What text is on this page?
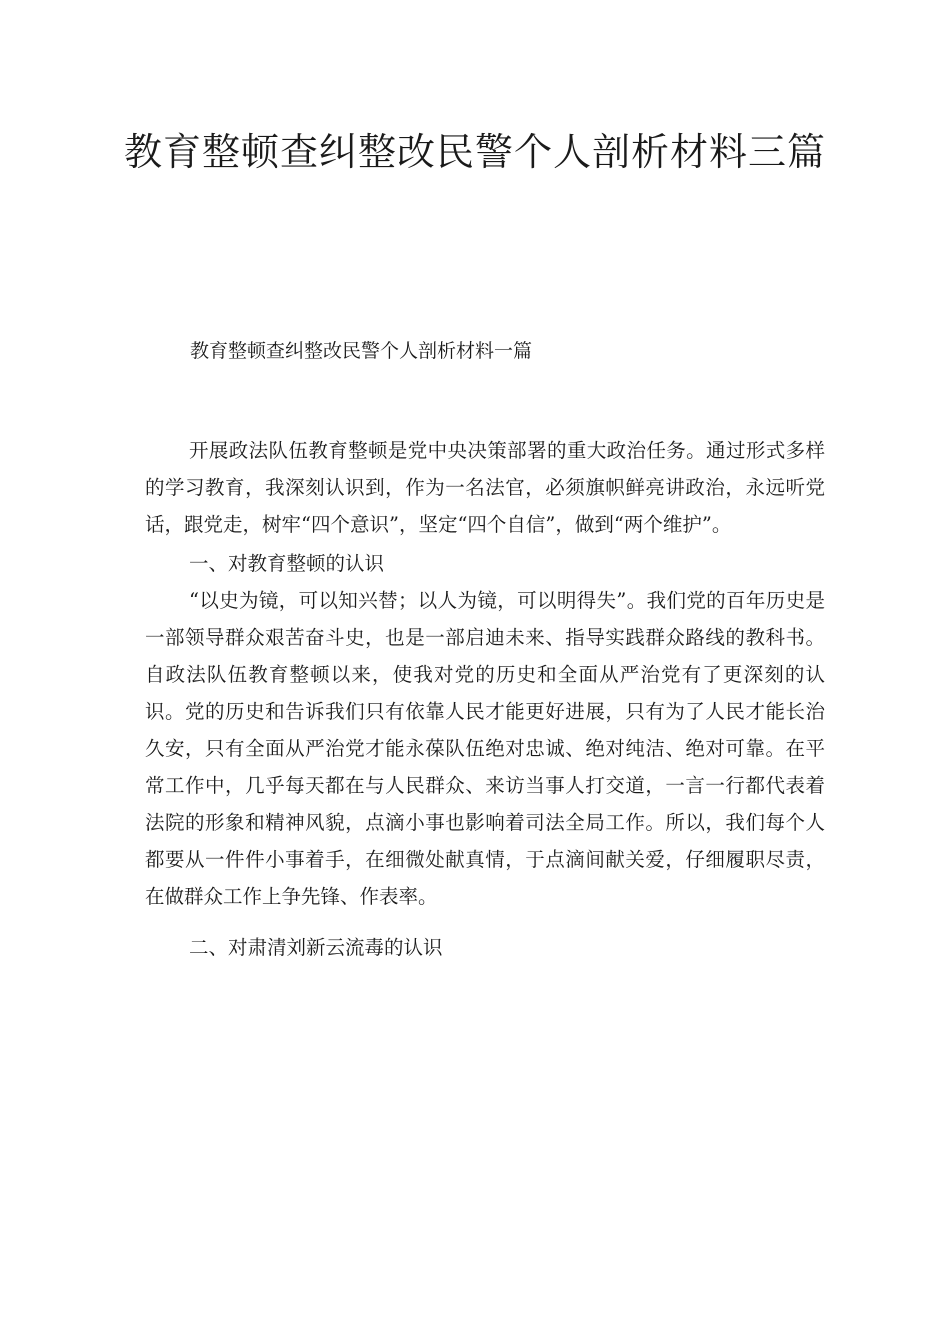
教育整顿查纠整改民警个人剖析材料三篇
教育整顿查纠整改民警个人剖析材料一篇

开展政法队伍教育整顿是党中央决策部署的重大政治任务。通过形式多样的学习教育，我深刻认识到，作为一名法官，必须旗帜鲜亮讲政治，永远听党话，跟党走，树牢“四个意识”，坚定“四个自信”，做到“两个维护”。

一、对教育整顿的认识

“以史为镜，可以知兴替；以人为镜，可以明得失”。我们党的百年历史是一部领导群众艰苦奋斗史，也是一部启迪未来、指导实践群众路线的教科书。自政法队伍教育整顿以来，使我对党的历史和全面从严治党有了更深刻的认识。党的历史和告诉我们只有依靠人民才能更好进展，只有为了人民才能长治久安，只有全面从严治党才能永葆队伍绝对忠诚、绝对纯洁、绝对可靠。在平常工作中，几乎每天都在与人民群众、来访当事人打交道，一言一行都代表着法院的形象和精神风貌，点滴小事也影响着司法全局工作。所以，我们每个人都要从一件件小事着手，在细微处献真情，于点滴间献关爱，仔细履职尽责，在做群众工作上争先锋、作表率。

二、对肃清刘新云流毒的认识
